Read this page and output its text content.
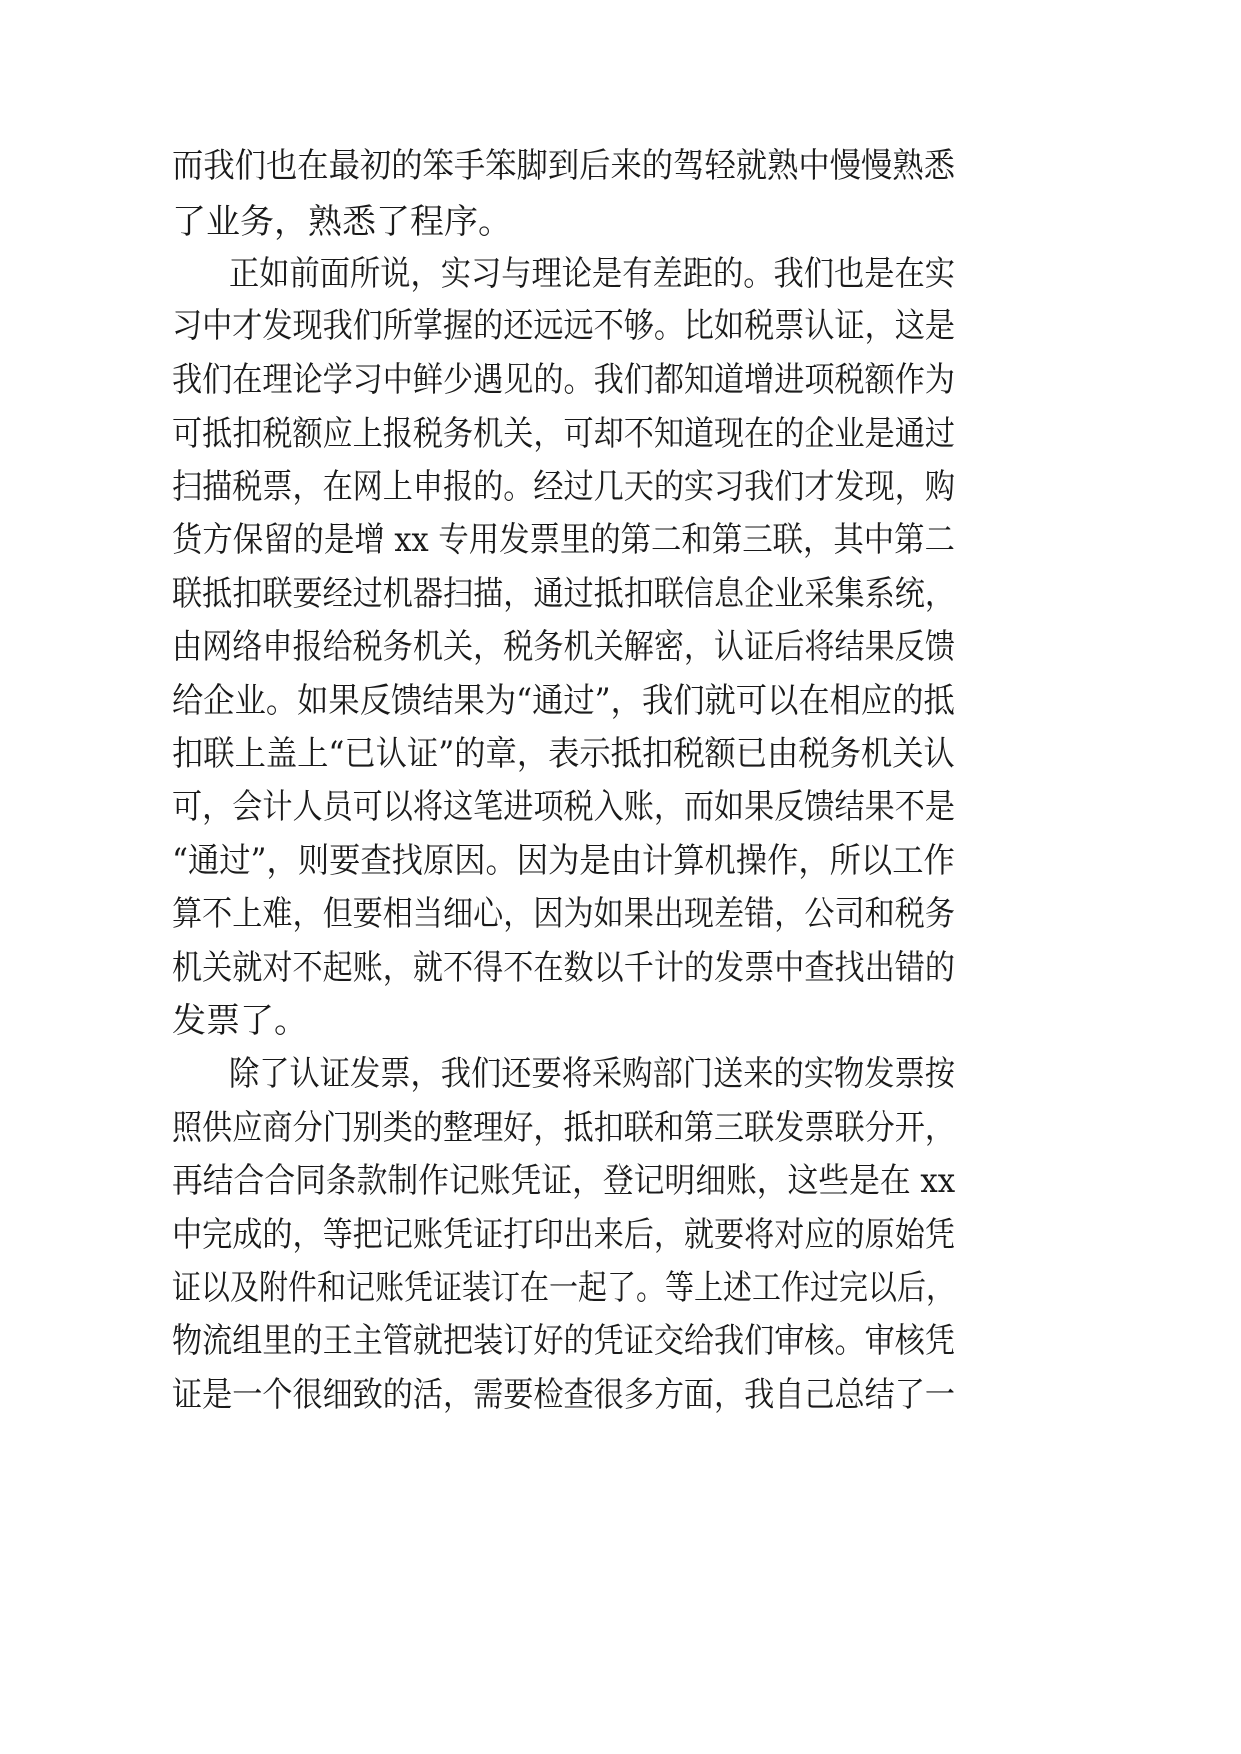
而我们也在最初的笨手笨脚到后来的驾轻就熟中慢慢熟悉
了业务，熟悉了程序。
正如前面所说，实习与理论是有差距的。我们也是在实
习中才发现我们所掌握的还远远不够。比如税票认证，这是
我们在理论学习中鲜少遇见的。我们都知道增进项税额作为
可抵扣税额应上报税务机关，可却不知道现在的企业是通过
扫描税票，在网上申报的。经过几天的实习我们才发现，购
货方保留的是增 xx 专用发票里的第二和第三联，其中第二
联抵扣联要经过机器扫描，通过抵扣联信息企业采集系统，
由网络申报给税务机关，税务机关解密，认证后将结果反馈
给企业。如果反馈结果为“通过”，我们就可以在相应的抵
扣联上盖上“已认证”的章，表示抵扣税额已由税务机关认
可，会计人员可以将这笔进项税入账，而如果反馈结果不是
“通过”，则要查找原因。因为是由计算机操作，所以工作
算不上难，但要相当细心，因为如果出现差错，公司和税务
机关就对不起账，就不得不在数以千计的发票中查找出错的
发票了。
除了认证发票，我们还要将采购部门送来的实物发票按
照供应商分门别类的整理好，抵扣联和第三联发票联分开，
再结合合同条款制作记账凭证，登记明细账，这些是在 xx
中完成的，等把记账凭证打印出来后，就要将对应的原始凭
证以及附件和记账凭证装订在一起了。等上述工作过完以后，
物流组里的王主管就把装订好的凭证交给我们审核。审核凭
证是一个很细致的活，需要检查很多方面，我自己总结了一
